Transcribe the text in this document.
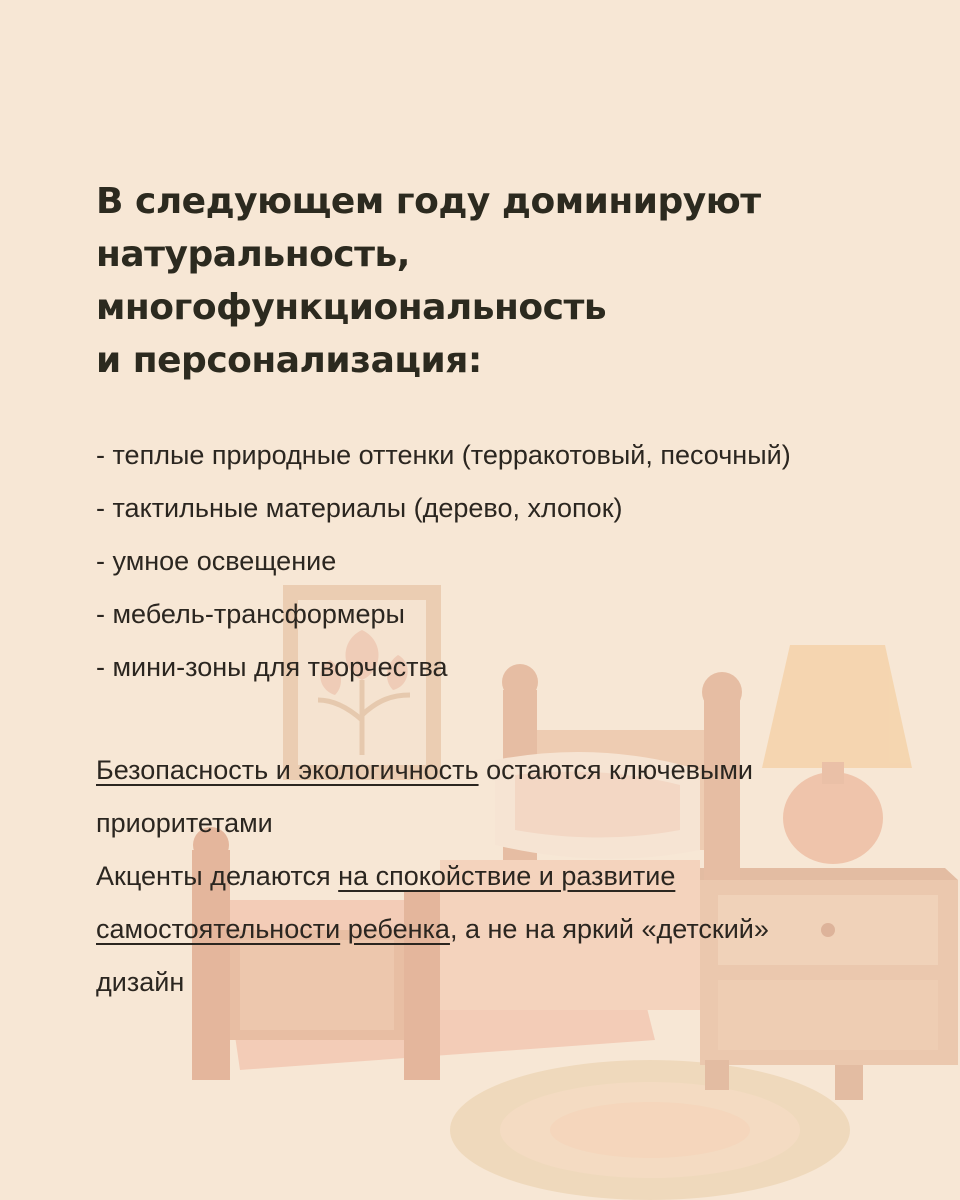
В следующем году доминируют
натуральность, многофункциональность
и персонализация:
- теплые природные оттенки (терракотовый, песочный)
- тактильные материалы (дерево, хлопок)
- умное освещение
- мебель-трансформеры
- мини-зоны для творчества

Безопасность и экологичность остаются ключевыми приоритетами

Акценты делаются на спокойствие и развитие самостоятельности ребенка, а не на яркий «детский» дизайн
